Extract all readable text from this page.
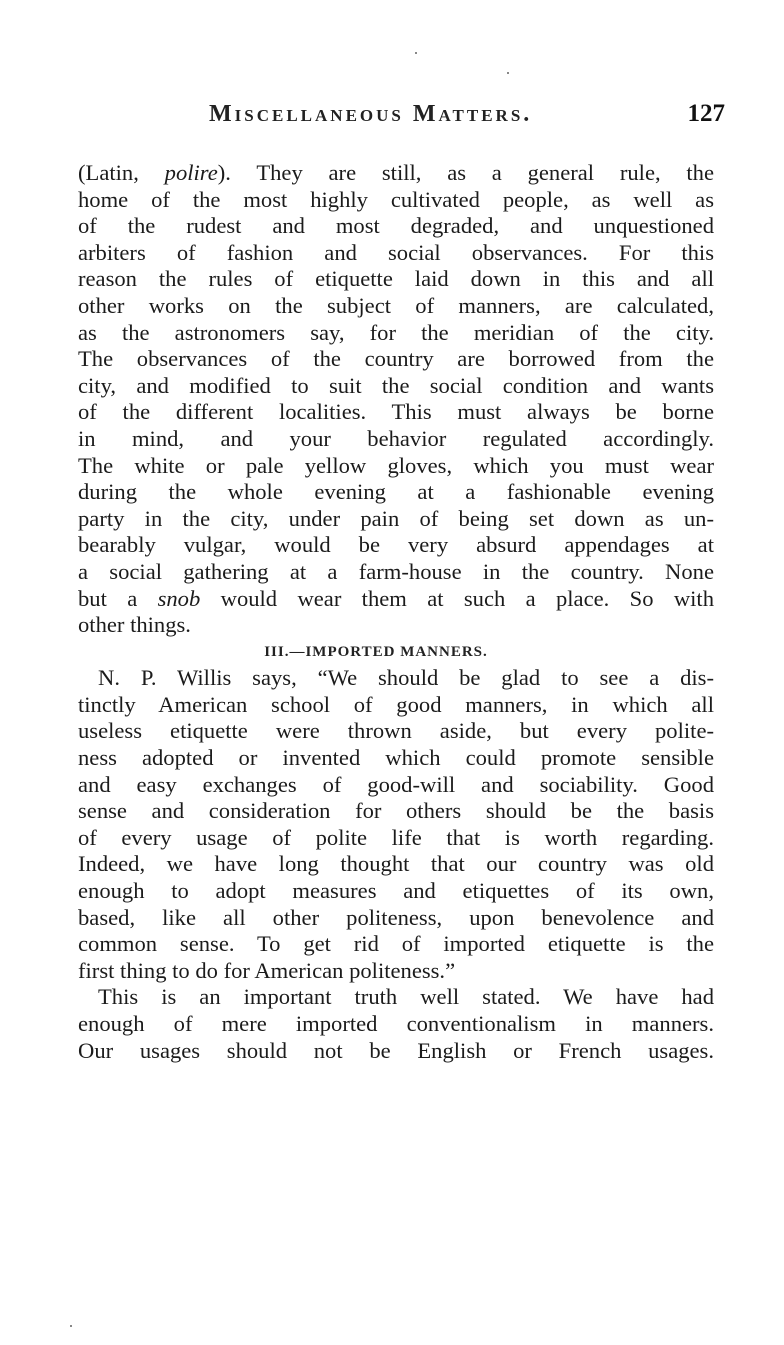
Miscellaneous Matters.	127
(Latin, polire). They are still, as a general rule, the
home of the most highly cultivated people, as well as
of the rudest and most degraded, and unquestioned
arbiters of fashion and social observances. For this
reason the rules of etiquette laid down in this and all
other works on the subject of manners, are calculated,
as the astronomers say, for the meridian of the city.
The observances of the country are borrowed from the
city, and modified to suit the social condition and wants
of the different localities. This must always be borne
in mind, and your behavior regulated accordingly.
The white or pale yellow gloves, which you must wear
during the whole evening at a fashionable evening
party in the city, under pain of being set down as un-
bearably vulgar, would be very absurd appendages at
a social gathering at a farm-house in the country. None
but a snob would wear them at such a place. So with
other things.
III.—IMPORTED MANNERS.
N. P. Willis says, “We should be glad to see a dis-
tinctly American school of good manners, in which all
useless etiquette were thrown aside, but every polite-
ness adopted or invented which could promote sensible
and easy exchanges of good-will and sociability. Good
sense and consideration for others should be the basis
of every usage of polite life that is worth regarding.
Indeed, we have long thought that our country was old
enough to adopt measures and etiquettes of its own,
based, like all other politeness, upon benevolence and
common sense. To get rid of imported etiquette is the
first thing to do for American politeness.”
This is an important truth well stated. We have had
enough of mere imported conventionalism in manners.
Our usages should not be English or French usages.
